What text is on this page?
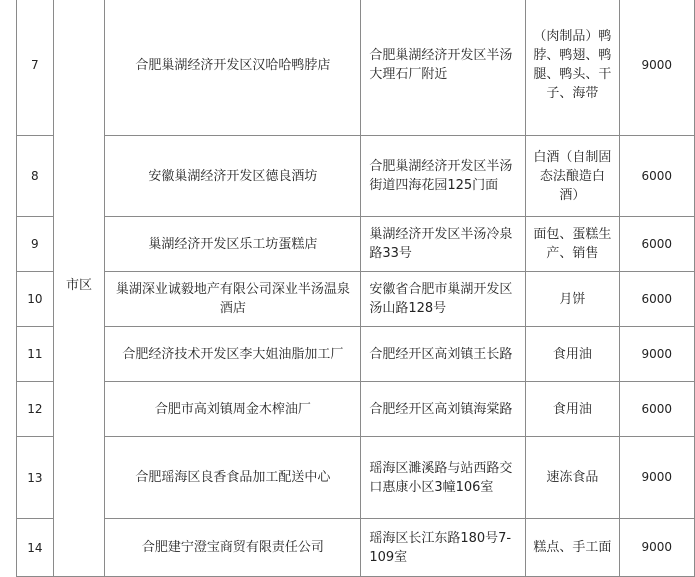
7	市区	合肥巢湖经济开发区汉哈哈鸭脖店	合肥巢湖经济开发区半汤大理石厂附近	（肉制品）鸭脖、鸭翅、鸭腿、鸭头、干子、海带	9000
8		安徽巢湖经济开发区德良酒坊	合肥巢湖经济开发区半汤街道四海花园125门面	白酒（自制固态法酿造白酒）	6000
9		巢湖经济开发区乐工坊蛋糕店	巢湖经济开发区半汤冷泉路33号	面包、蛋糕生产、销售	6000
10		巢湖深业诚毅地产有限公司深业半汤温泉酒店	安徽省合肥市巢湖开发区汤山路128号	月饼	6000
11		合肥经济技术开发区李大姐油脂加工厂	合肥经开区高刘镇王长路	食用油	9000
12		合肥市高刘镇周金木榨油厂	合肥经开区高刘镇海棠路	食用油	6000
13		合肥瑶海区良香食品加工配送中心	瑶海区濉溪路与站西路交口惠康小区3幢106室	速冻食品	9000
14		合肥建宁澄宝商贸有限责任公司	瑶海区长江东路180号7-109室	糕点、手工面	9000
